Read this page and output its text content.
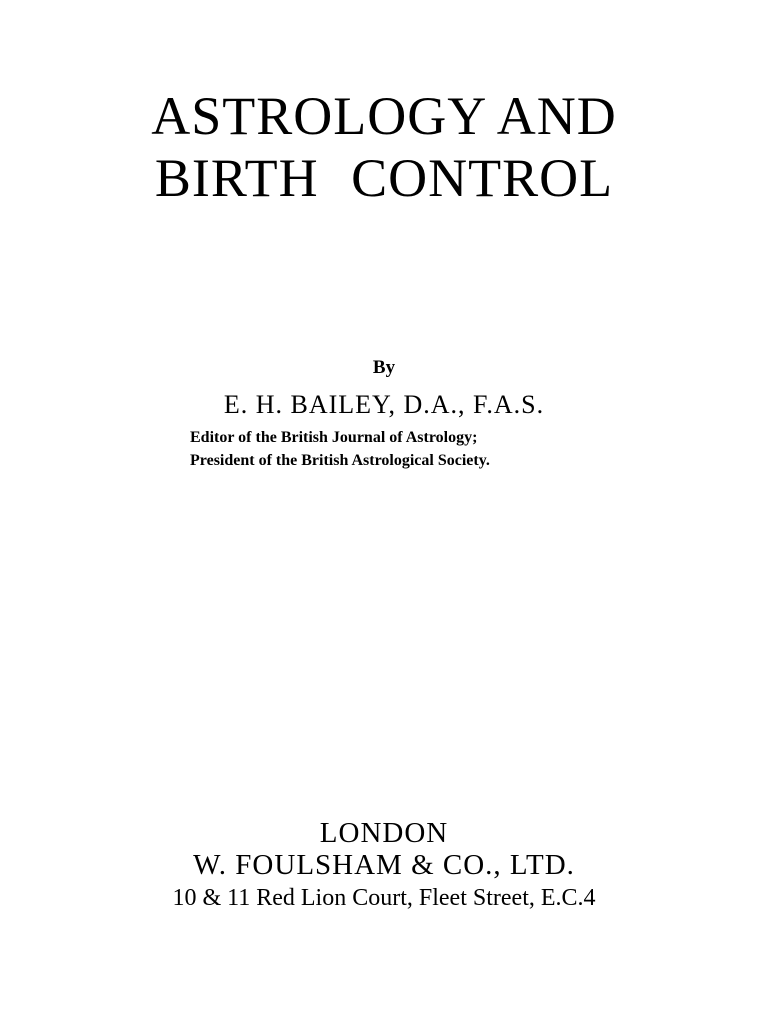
ASTROLOGY AND
BIRTH CONTROL
By
E. H. BAILEY, D.A., F.A.S.
Editor of the British Journal of Astrology;
President of the British Astrological Society.
LONDON
W. FOULSHAM & CO., LTD.
10 & 11 Red Lion Court, Fleet Street, E.C.4
